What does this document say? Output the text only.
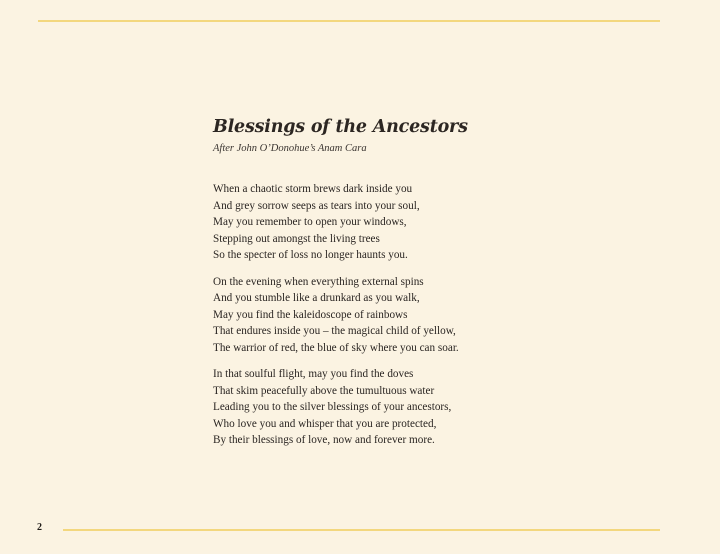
Blessings of the Ancestors

After John O’Donohue’s Anam Cara

When a chaotic storm brews dark inside you
And grey sorrow seeps as tears into your soul,
May you remember to open your windows,
Stepping out amongst the living trees
So the specter of loss no longer haunts you.
On the evening when everything external spins
And you stumble like a drunkard as you walk,
May you find the kaleidoscope of rainbows
That endures inside you – the magical child of yellow,
The warrior of red, the blue of sky where you can soar.
In that soulful flight, may you find the doves
That skim peacefully above the tumultuous water
Leading you to the silver blessings of your ancestors,
Who love you and whisper that you are protected,
By their blessings of love, now and forever more.
2
